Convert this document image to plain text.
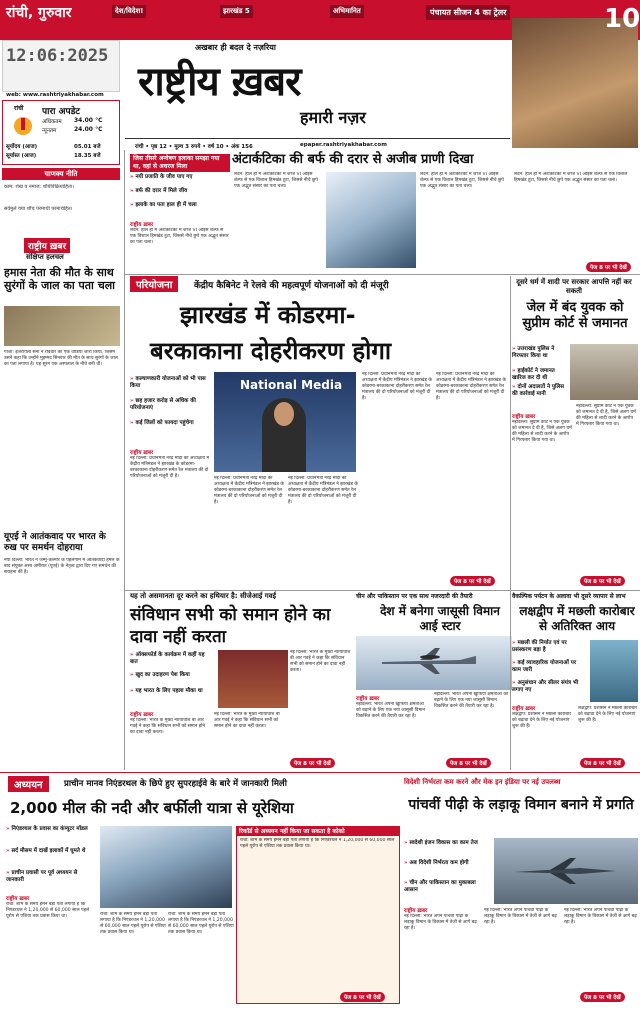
रांची, गुरुवार	देश/विदेश!	झारखंड 5	अभिमानित	पंचायत सीजन 4 का ट्रेलर
12:06:2025
web: www.rashtriyakhabar.com
पारा अपडेट
रांची
अधिकतम 34.00 °C
न्यूनतम	24.00 °C
सूर्योदय (आज)	05.01 बजे
सूर्यास्त (आज)	18.35 बजे
चाणक्य नीति
काम: शेख व नमाज: शौर्यविक्रियाहिता।
सर्वमुले वया शौच परमार्थी परमार्थहित।
अखबार ही बदल दे नज़रिया
राष्ट्रीय ख़बर
हमारी नज़र
epaper.rashtriyakhabar.com
रांची • पृष्ठ 12 • मूल्य 3 रुपये • वर्ष 10 • अंक 156
10
राष्ट्रीय ख़बर
संक्षिप्त हलचल
हमास नेता की मौत के साथ सुरंगों के जाल का पता चला
गाजा: इजरायली सेना ने रविवार को एक वीडियो जारी किया, जिसमें उसने कहा कि उन्होंने मुहम्मद सिनवार की मौत के साथ सुरंगों के जाल का पता लगाया है। यह सुरंग एक अस्पताल के नीचे बनी थी।
यूएई ने आतंकवाद पर भारत के रुख पर समर्थन दोहराया
नयी दिल्ली: भारत ने जम्मू-कश्मीर के पहलगाम में आतंकवादी हमले के बाद संयुक्त अरब अमीरात (यूएई) के नेतृत्व द्वारा दिए गए समर्थन की सराहना की है।
जिस तीसरे अन्वेषण इलाका समझा गया था, वहां से अचरज मिला
» नयी प्रजाति के जीव पाए गए
» बर्फ की दरार में मिले जीव
» इलाके का पता हाल ही में चला
अंटार्कटिका की बर्फ की दरार से अजीब प्राणी दिखा
राष्ट्रीय ख़बर
लंदन: हाल ही में अंटार्कटिका में जॉर्ज VI आइस शेल्फ से एक विशाल हिमखंड टूटा, जिससे नीचे छुपे एक अद्भुत संसार का पता चला।
लंदन: हाल ही में अंटार्कटिका में जॉर्ज VI आइस शेल्फ से एक विशाल हिमखंड टूटा, जिससे नीचे छुपे एक अद्भुत संसार का पता चला।
लंदन: हाल ही में अंटार्कटिका में जॉर्ज VI आइस शेल्फ से एक विशाल हिमखंड टूटा, जिससे नीचे छुपे एक अद्भुत संसार का पता चला।
लंदन: हाल ही में अंटार्कटिका में जॉर्ज VI आइस शेल्फ से एक विशाल हिमखंड टूटा, जिससे नीचे छुपे एक अद्भुत संसार का पता चला।
पेज 8 पर भी देखें
परियोजना	केंद्रीय कैबिनेट ने रेलवे की महत्वपूर्ण योजनाओं को दी मंजूरी
झारखंड में कोडरमा-
बरकाकाना दोहरीकरण होगा
» कल्याणकारी योजनाओं को भी पास किया
» छह हजार करोड़ से अधिक की परियोजनाएं
» कई जिलों को फायदा पहुंचेगा
National Media
राष्ट्रीय ख़बर
नई दिल्ली: प्रधानमंत्री नरेंद्र मोदी की अध्यक्षता में केंद्रीय मंत्रिमंडल ने झारखंड के कोडरमा-बरकाकाना दोहरीकरण समेत रेल मंत्रालय की दो परियोजनाओं को मंजूरी दी है।	नई दिल्ली: प्रधानमंत्री नरेंद्र मोदी की अध्यक्षता में केंद्रीय मंत्रिमंडल ने झारखंड के कोडरमा-बरकाकाना दोहरीकरण समेत रेल मंत्रालय की दो परियोजनाओं को मंजूरी दी है।
नई दिल्ली: प्रधानमंत्री नरेंद्र मोदी की अध्यक्षता में केंद्रीय मंत्रिमंडल ने झारखंड के कोडरमा-बरकाकाना दोहरीकरण समेत रेल मंत्रालय की दो परियोजनाओं को मंजूरी दी है।
नई दिल्ली: प्रधानमंत्री नरेंद्र मोदी की अध्यक्षता में केंद्रीय मंत्रिमंडल ने झारखंड के कोडरमा-बरकाकाना दोहरीकरण समेत रेल मंत्रालय की दो परियोजनाओं को मंजूरी दी है।
नई दिल्ली: प्रधानमंत्री नरेंद्र मोदी की अध्यक्षता में केंद्रीय मंत्रिमंडल ने झारखंड के कोडरमा-बरकाकाना दोहरीकरण समेत रेल मंत्रालय की दो परियोजनाओं को मंजूरी दी है।
पेज 8 पर भी देखें
दूसरे धर्म में शादी पर सरकार आपत्ति नहीं कर सकती
जेल में बंद युवक को सुप्रीम कोर्ट से जमानत
» उत्तराखंड पुलिस ने गिरफ्तार किया था
» हाईकोर्ट ने जमानत खारिज कर दी थी
» दोनों अदालतों ने पुलिस की कार्रवाई मानी
राष्ट्रीय ख़बर
नईदिल्ली: सुप्रीम कोर्ट ने एक युवक को जमानत दे दी है, जिसे अलग धर्म की महिला से शादी करने के आरोप में गिरफ्तार किया गया था।
नईदिल्ली: सुप्रीम कोर्ट ने एक युवक को जमानत दे दी है, जिसे अलग धर्म की महिला से शादी करने के आरोप में गिरफ्तार किया गया था।
पेज 8 पर भी देखें
यह तो असमानता दूर करने का हथियार है: सीजेआई गवई
संविधान सभी को समान होने का दावा नहीं करता
» ऑक्सफोर्ड के कार्यक्रम में कहीं यह बात
» खुद का उदाहरण पेश किया
» यह भारत के लिए पहला मौका था
राष्ट्रीय ख़बर
नई दिल्ली: भारत के मुख्य न्यायाधीश बी आर गवई ने कहा कि संविधान सभी को समान होने का दावा नहीं करता।
नई दिल्ली: भारत के मुख्य न्यायाधीश बी आर गवई ने कहा कि संविधान सभी को समान होने का दावा नहीं करता।
नई दिल्ली: भारत के मुख्य न्यायाधीश बी आर गवई ने कहा कि संविधान सभी को समान होने का दावा नहीं करता।
पेज 8 पर भी देखें
चीन और पाकिस्तान पर एक साथ नजरदारी की तैयारी
देश में बनेगा जासूसी विमान आई स्टार
राष्ट्रीय ख़बर
नईदिल्ली: भारत अपनी खुफिया क्षमताओं को बढ़ाने के लिए एक नया जासूसी विमान विकसित करने की तैयारी कर रहा है।
नईदिल्ली: भारत अपनी खुफिया क्षमताओं को बढ़ाने के लिए एक नया जासूसी विमान विकसित करने की तैयारी कर रहा है।
पेज 8 पर भी देखें
वैकल्पिक पर्यटन के अलावा भी दूसरे व्यापार से लाभ
लक्षद्वीप में मछली कारोबार से अतिरिक्त आय
» मछली की निर्यात एवं पर प्रसंस्करण बड़ा है
» कई व्यावहारिक योजनाओं पर काम जारी
» अनुसंधान और सीलर संयंत्र भी लगाए गए
राष्ट्रीय ख़बर
लक्षद्वीप: प्रशासन ने मछली कारोबार को बढ़ावा देने के लिए नई योजनाएं शुरू की हैं।
लक्षद्वीप: प्रशासन ने मछली कारोबार को बढ़ावा देने के लिए नई योजनाएं शुरू की हैं।
पेज 8 पर भी देखें
अध्ययन	प्राचीन मानव निएंडरथल के छिपे हुए सुपरहाईवे के बारे में जानकारी मिली
2,000 मील की नदी और बर्फीली यात्रा से यूरेशिया
» निएंडरथल के प्रवास का कंप्यूटर मॉडल
» सर्द मौसम में दाखें इलाकों में घूमते थे
» प्राचीन प्रवासी पर पूर्व अध्ययन से जानकारी
राष्ट्रीय ख़बर
रांची: शाम के समय हमने बड़ा पता लगाया है कि निएंडरथल ने 1,20,000 से 60,000 साल पहले यूरोप से एशिया तक प्रवास किया था।	रांची: शाम के समय हमने बड़ा पता लगाया है कि निएंडरथल ने 1,20,000 से 60,000 साल पहले यूरोप से एशिया तक प्रवास किया था।
रांची: शाम के समय हमने बड़ा पता लगाया है कि निएंडरथल ने 1,20,000 से 60,000 साल पहले यूरोप से एशिया तक प्रवास किया था।
रिकॉर्ड से अध्ययन नहीं किया जा सकता है कोको
रांची: शाम के समय हमने बड़ा पता लगाया है कि निएंडरथल ने 1,20,000 से 60,000 साल पहले यूरोप से एशिया तक प्रवास किया था।
पेज 8 पर भी देखें
विदेशी निर्भरता कम करने और मेक इन इंडिया पर नई उपलब्ध
पांचवीं पीढ़ी के लड़ाकू विमान बनाने में प्रगति
» स्वदेशी इंजन विकास का काम तेज
» अब विदेशी निर्भरता कम होगी
» चीन और पाकिस्तान का मुकाबला आसान
राष्ट्रीय ख़बर
नई दिल्ली: भारत अपने पांचवीं पीढ़ी के लड़ाकू विमान के विकास में तेजी से आगे बढ़ रहा है।
नई दिल्ली: भारत अपने पांचवीं पीढ़ी के लड़ाकू विमान के विकास में तेजी से आगे बढ़ रहा है।
नई दिल्ली: भारत अपने पांचवीं पीढ़ी के लड़ाकू विमान के विकास में तेजी से आगे बढ़ रहा है।
पेज 8 पर भी देखें
